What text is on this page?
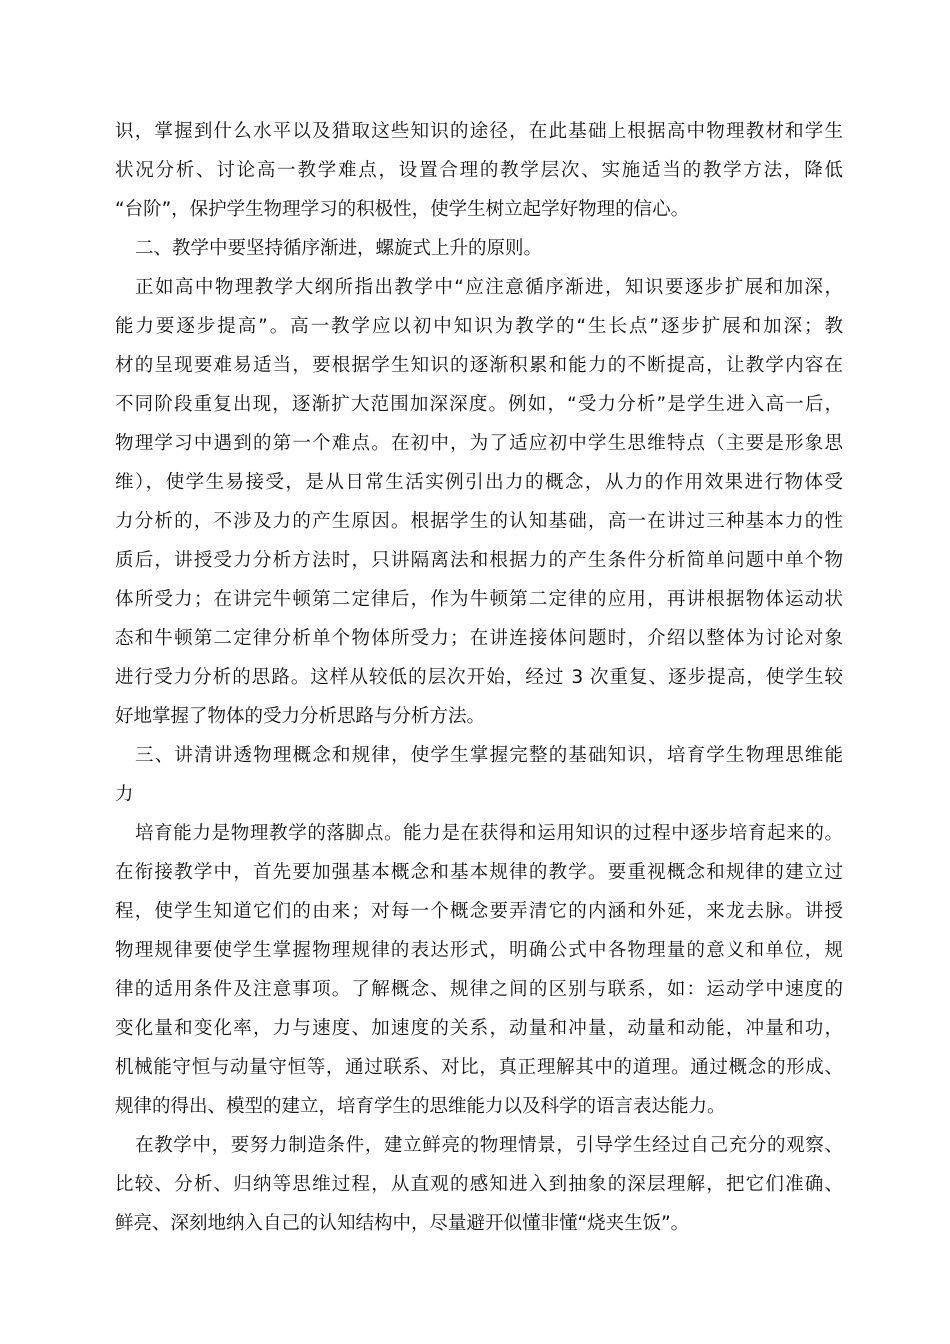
识，掌握到什么水平以及猎取这些知识的途径，在此基础上根据高中物理教材和学生
状况分析、讨论高一教学难点，设置合理的教学层次、实施适当的教学方法，降低
“台阶”，保护学生物理学习的积极性，使学生树立起学好物理的信心。
二、教学中要坚持循序渐进，螺旋式上升的原则。
正如高中物理教学大纲所指出教学中“应注意循序渐进，知识要逐步扩展和加深，
能力要逐步提高”。高一教学应以初中知识为教学的“生长点”逐步扩展和加深；教
材的呈现要难易适当，要根据学生知识的逐渐积累和能力的不断提高，让教学内容在
不同阶段重复出现，逐渐扩大范围加深深度。例如，“受力分析”是学生进入高一后，
物理学习中遇到的第一个难点。在初中，为了适应初中学生思维特点（主要是形象思
维），使学生易接受，是从日常生活实例引出力的概念，从力的作用效果进行物体受
力分析的，不涉及力的产生原因。根据学生的认知基础，高一在讲过三种基本力的性
质后，讲授受力分析方法时，只讲隔离法和根据力的产生条件分析简单问题中单个物
体所受力；在讲完牛顿第二定律后，作为牛顿第二定律的应用，再讲根据物体运动状
态和牛顿第二定律分析单个物体所受力；在讲连接体问题时，介绍以整体为讨论对象
进行受力分析的思路。这样从较低的层次开始，经过 3 次重复、逐步提高，使学生较
好地掌握了物体的受力分析思路与分析方法。
三、讲清讲透物理概念和规律，使学生掌握完整的基础知识，培育学生物理思维能
力
培育能力是物理教学的落脚点。能力是在获得和运用知识的过程中逐步培育起来的。
在衔接教学中，首先要加强基本概念和基本规律的教学。要重视概念和规律的建立过
程，使学生知道它们的由来；对每一个概念要弄清它的内涵和外延，来龙去脉。讲授
物理规律要使学生掌握物理规律的表达形式，明确公式中各物理量的意义和单位，规
律的适用条件及注意事项。了解概念、规律之间的区别与联系，如：运动学中速度的
变化量和变化率，力与速度、加速度的关系，动量和冲量，动量和动能，冲量和功，
机械能守恒与动量守恒等，通过联系、对比，真正理解其中的道理。通过概念的形成、
规律的得出、模型的建立，培育学生的思维能力以及科学的语言表达能力。
在教学中，要努力制造条件，建立鲜亮的物理情景，引导学生经过自己充分的观察、
比较、分析、归纳等思维过程，从直观的感知进入到抽象的深层理解，把它们准确、
鲜亮、深刻地纳入自己的认知结构中，尽量避开似懂非懂“烧夹生饭”。
